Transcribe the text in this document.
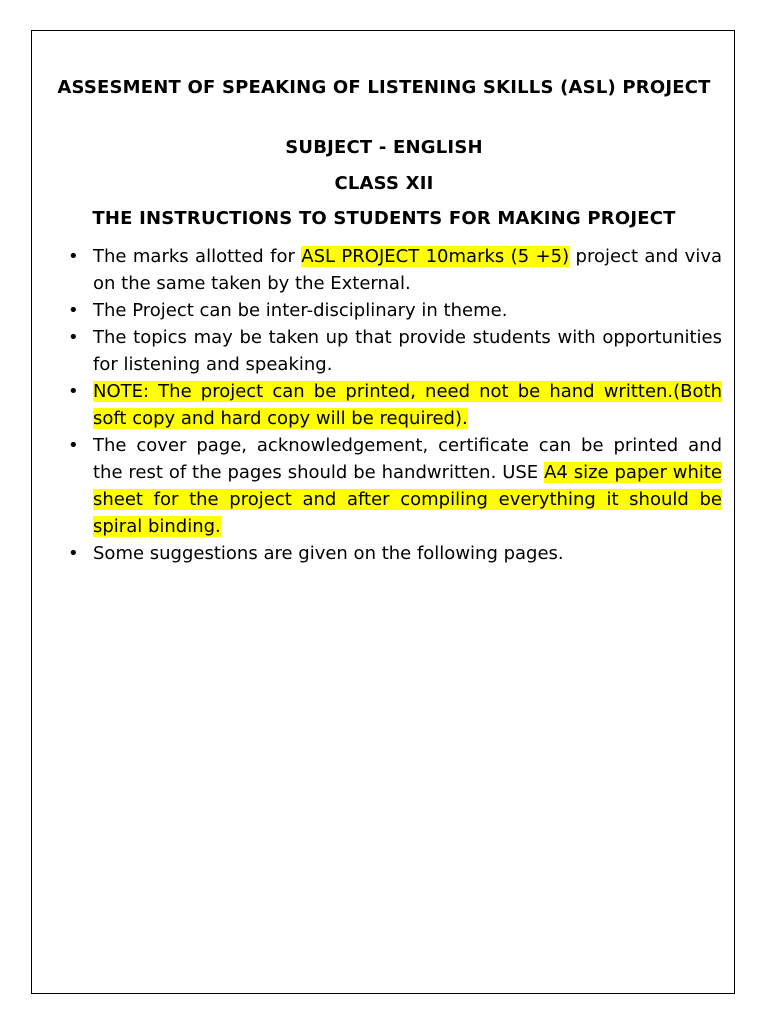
ASSESMENT OF SPEAKING OF LISTENING SKILLS (ASL) PROJECT
SUBJECT - ENGLISH
CLASS XII
THE INSTRUCTIONS TO STUDENTS FOR MAKING PROJECT
• The marks allotted for ASL PROJECT 10marks (5 +5) project and viva on the same taken by the External.
• The Project can be inter-disciplinary in theme.
• The topics may be taken up that provide students with opportunities for listening and speaking.
• NOTE: The project can be printed, need not be hand written.(Both soft copy and hard copy will be required).
• The cover page, acknowledgement, certificate can be printed and the rest of the pages should be handwritten. USE A4 size paper white sheet for the project and after compiling everything it should be spiral binding.
• Some suggestions are given on the following pages.
